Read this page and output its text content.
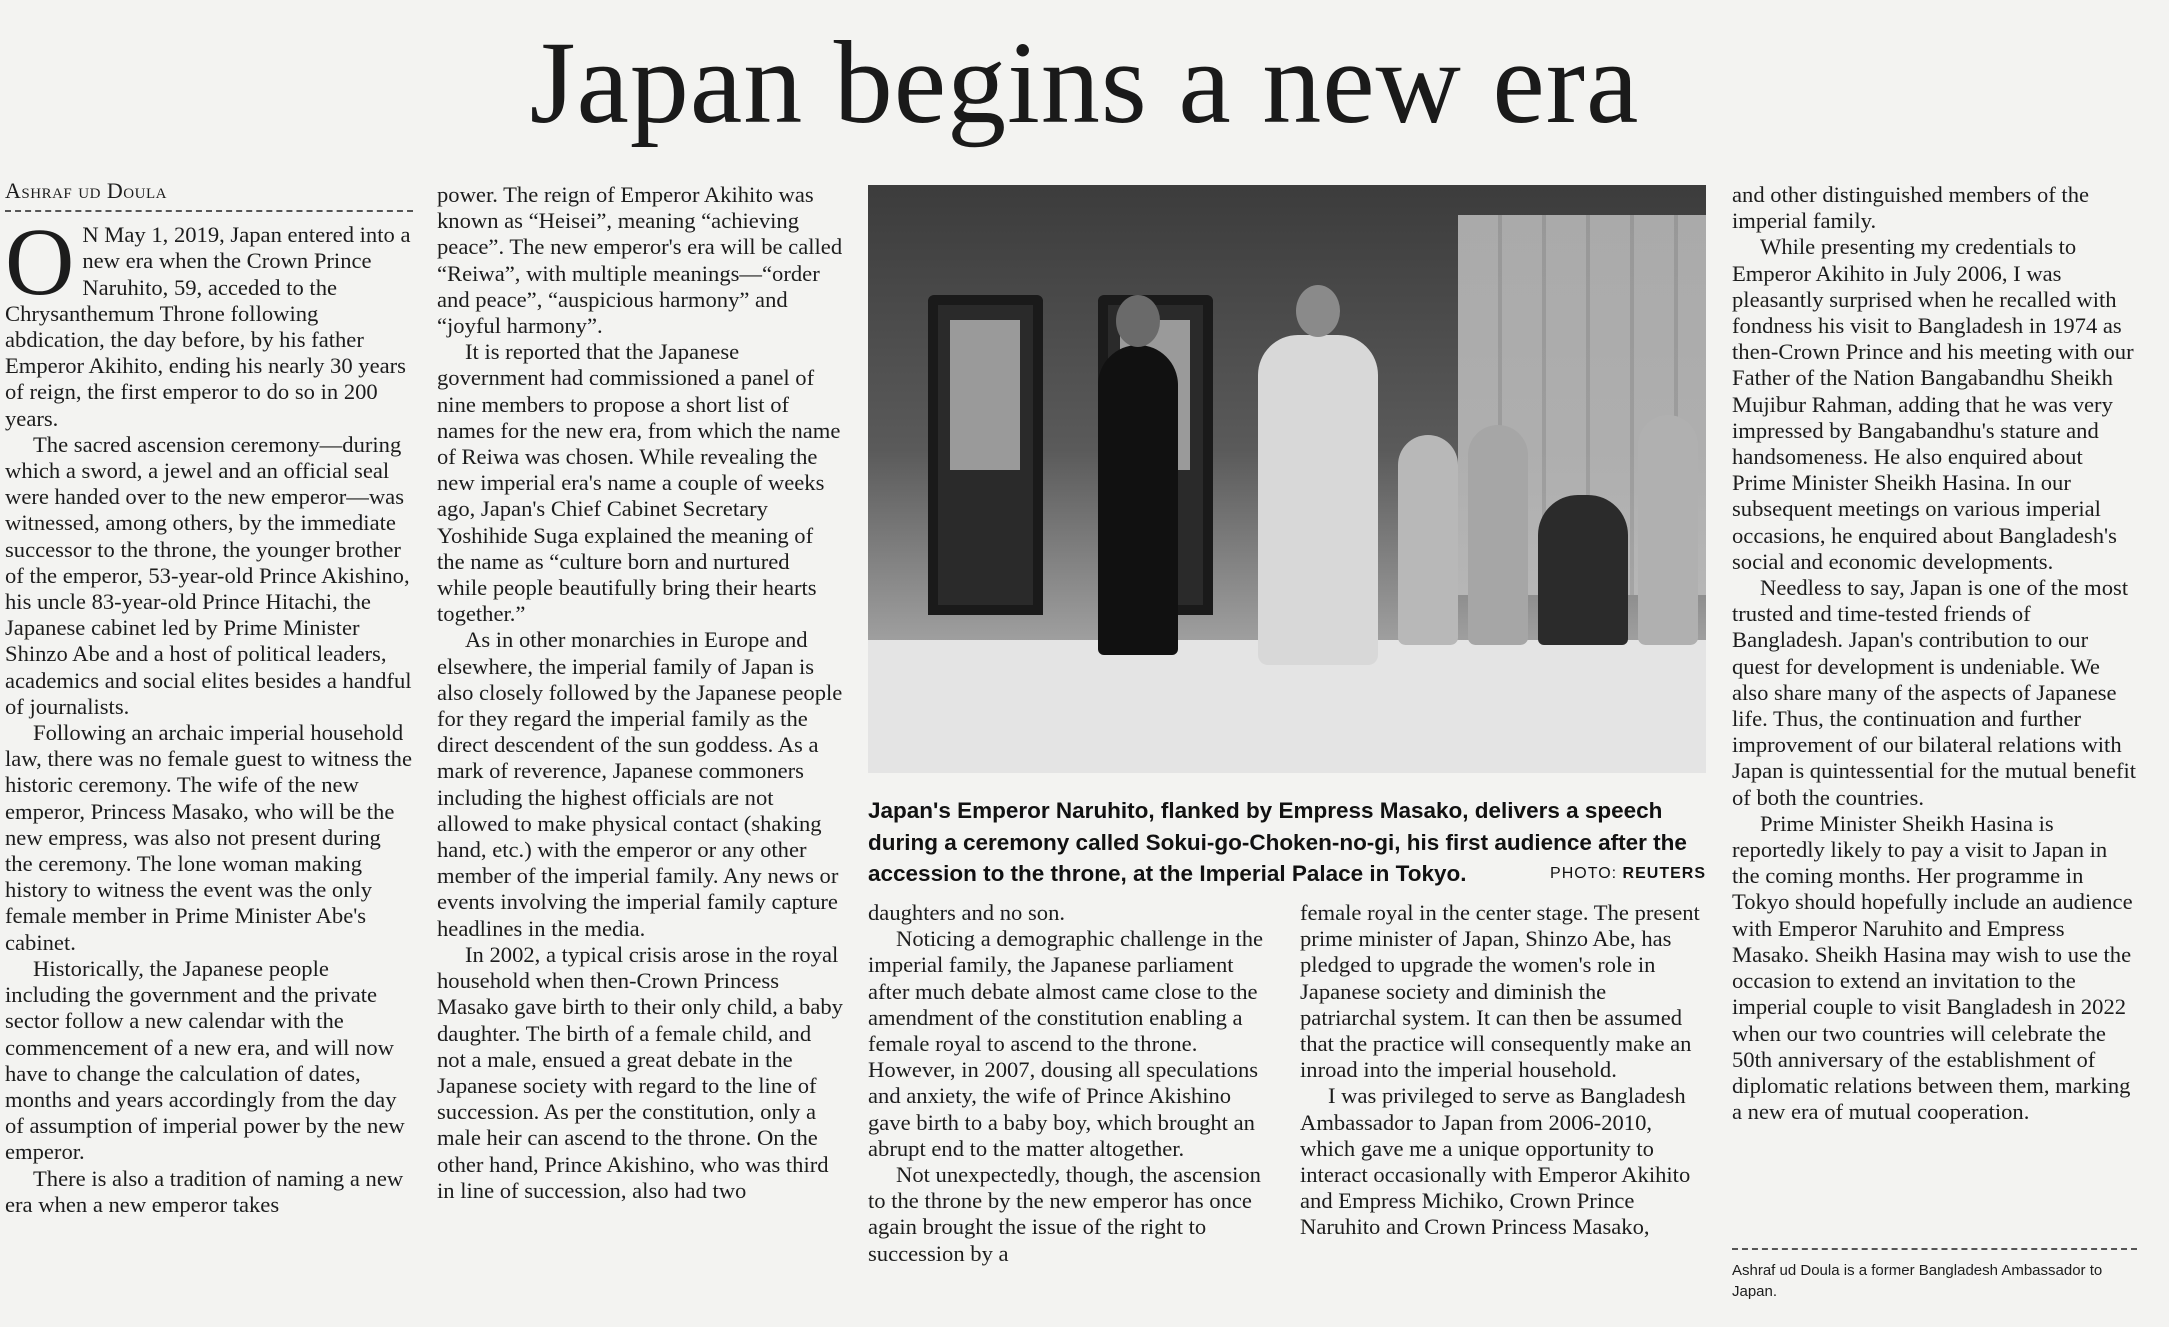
Japan begins a new era
Ashraf ud Doula

O N May 1, 2019, Japan entered into a new era when the Crown Prince Naruhito, 59, acceded to the Chrysanthemum Throne following abdication, the day before, by his father Emperor Akihito, ending his nearly 30 years of reign, the first emperor to do so in 200 years.

The sacred ascension ceremony—during which a sword, a jewel and an official seal were handed over to the new emperor—was witnessed, among others, by the immediate successor to the throne, the younger brother of the emperor, 53-year-old Prince Akishino, his uncle 83-year-old Prince Hitachi, the Japanese cabinet led by Prime Minister Shinzo Abe and a host of political leaders, academics and social elites besides a handful of journalists.

Following an archaic imperial household law, there was no female guest to witness the historic ceremony. The wife of the new emperor, Princess Masako, who will be the new empress, was also not present during the ceremony. The lone woman making history to witness the event was the only female member in Prime Minister Abe's cabinet.

Historically, the Japanese people including the government and the private sector follow a new calendar with the commencement of a new era, and will now have to change the calculation of dates, months and years accordingly from the day of assumption of imperial power by the new emperor.

There is also a tradition of naming a new era when a new emperor takes

power. The reign of Emperor Akihito was known as “Heisei”, meaning “achieving peace”. The new emperor's era will be called “Reiwa”, with multiple meanings—“order and peace”, “auspicious harmony” and “joyful harmony”.

It is reported that the Japanese government had commissioned a panel of nine members to propose a short list of names for the new era, from which the name of Reiwa was chosen. While revealing the new imperial era's name a couple of weeks ago, Japan's Chief Cabinet Secretary Yoshihide Suga explained the meaning of the name as “culture born and nurtured while people beautifully bring their hearts together.”

As in other monarchies in Europe and elsewhere, the imperial family of Japan is also closely followed by the Japanese people for they regard the imperial family as the direct descendent of the sun goddess. As a mark of reverence, Japanese commoners including the highest officials are not allowed to make physical contact (shaking hand, etc.) with the emperor or any other member of the imperial family. Any news or events involving the imperial family capture headlines in the media.

In 2002, a typical crisis arose in the royal household when then-Crown Princess Masako gave birth to their only child, a baby daughter. The birth of a female child, and not a male, ensued a great debate in the Japanese society with regard to the line of succession. As per the constitution, only a male heir can ascend to the throne. On the other hand, Prince Akishino, who was third in line of succession, also had two

Japan's Emperor Naruhito, flanked by Empress Masako, delivers a speech during a ceremony called Sokui-go-Choken-no-gi, his first audience after the accession to the throne, at the Imperial Palace in Tokyo.	PHOTO: REUTERS

daughters and no son.

Noticing a demographic challenge in the imperial family, the Japanese parliament after much debate almost came close to the amendment of the constitution enabling a female royal to ascend to the throne. However, in 2007, dousing all speculations and anxiety, the wife of Prince Akishino gave birth to a baby boy, which brought an abrupt end to the matter altogether.

Not unexpectedly, though, the ascension to the throne by the new emperor has once again brought the issue of the right to succession by a

female royal in the center stage. The present prime minister of Japan, Shinzo Abe, has pledged to upgrade the women's role in Japanese society and diminish the patriarchal system. It can then be assumed that the practice will consequently make an inroad into the imperial household.

I was privileged to serve as Bangladesh Ambassador to Japan from 2006-2010, which gave me a unique opportunity to interact occasionally with Emperor Akihito and Empress Michiko, Crown Prince Naruhito and Crown Princess Masako,

and other distinguished members of the imperial family.

While presenting my credentials to Emperor Akihito in July 2006, I was pleasantly surprised when he recalled with fondness his visit to Bangladesh in 1974 as then-Crown Prince and his meeting with our Father of the Nation Bangabandhu Sheikh Mujibur Rahman, adding that he was very impressed by Bangabandhu's stature and handsomeness. He also enquired about Prime Minister Sheikh Hasina. In our subsequent meetings on various imperial occasions, he enquired about Bangladesh's social and economic developments.

Needless to say, Japan is one of the most trusted and time-tested friends of Bangladesh. Japan's contribution to our quest for development is undeniable. We also share many of the aspects of Japanese life. Thus, the continuation and further improvement of our bilateral relations with Japan is quintessential for the mutual benefit of both the countries.

Prime Minister Sheikh Hasina is reportedly likely to pay a visit to Japan in the coming months. Her programme in Tokyo should hopefully include an audience with Emperor Naruhito and Empress Masako. Sheikh Hasina may wish to use the occasion to extend an invitation to the imperial couple to visit Bangladesh in 2022 when our two countries will celebrate the 50th anniversary of the establishment of diplomatic relations between them, marking a new era of mutual cooperation.

Ashraf ud Doula is a former Bangladesh Ambassador to Japan.
